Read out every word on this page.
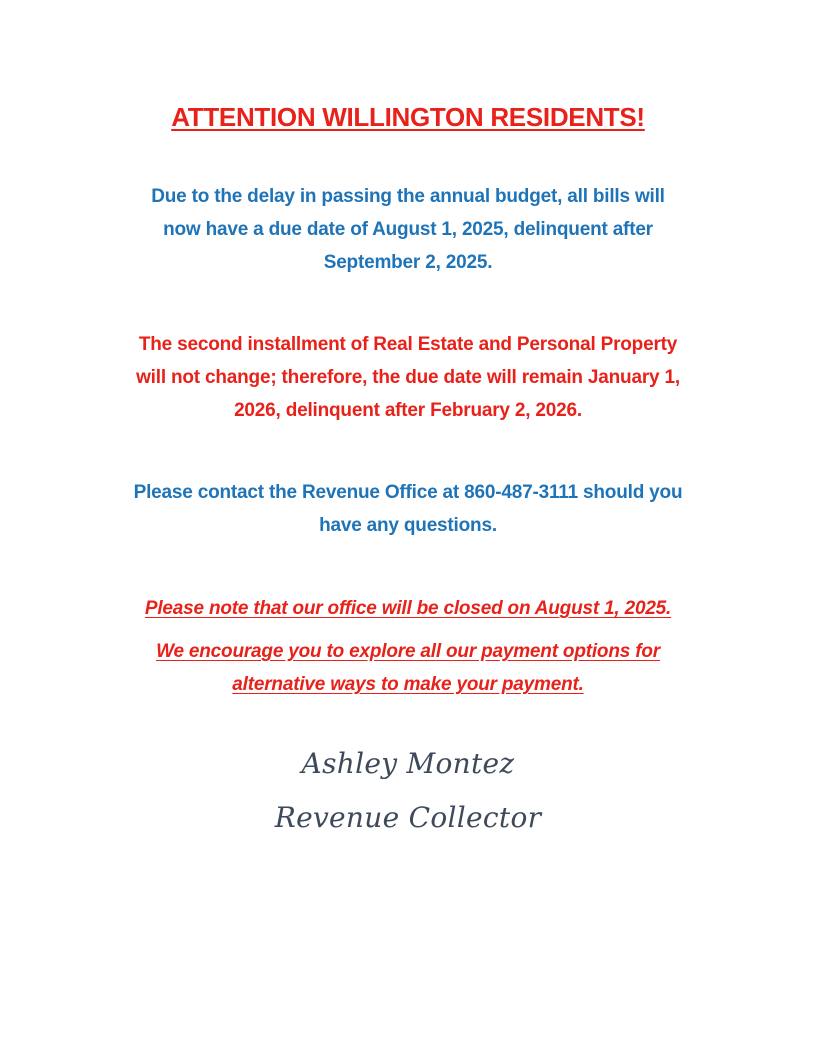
ATTENTION WILLINGTON RESIDENTS!

Due to the delay in passing the annual budget, all bills will

now have a due date of August 1, 2025, delinquent after

September 2, 2025.

The second installment of Real Estate and Personal Property

will not change; therefore, the due date will remain January 1,

2026, delinquent after February 2, 2026.

Please contact the Revenue Office at 860-487-3111 should you

have any questions.

Please note that our office will be closed on August 1, 2025.

We encourage you to explore all our payment options for

alternative ways to make your payment.

Ashley Montez
Revenue Collector
